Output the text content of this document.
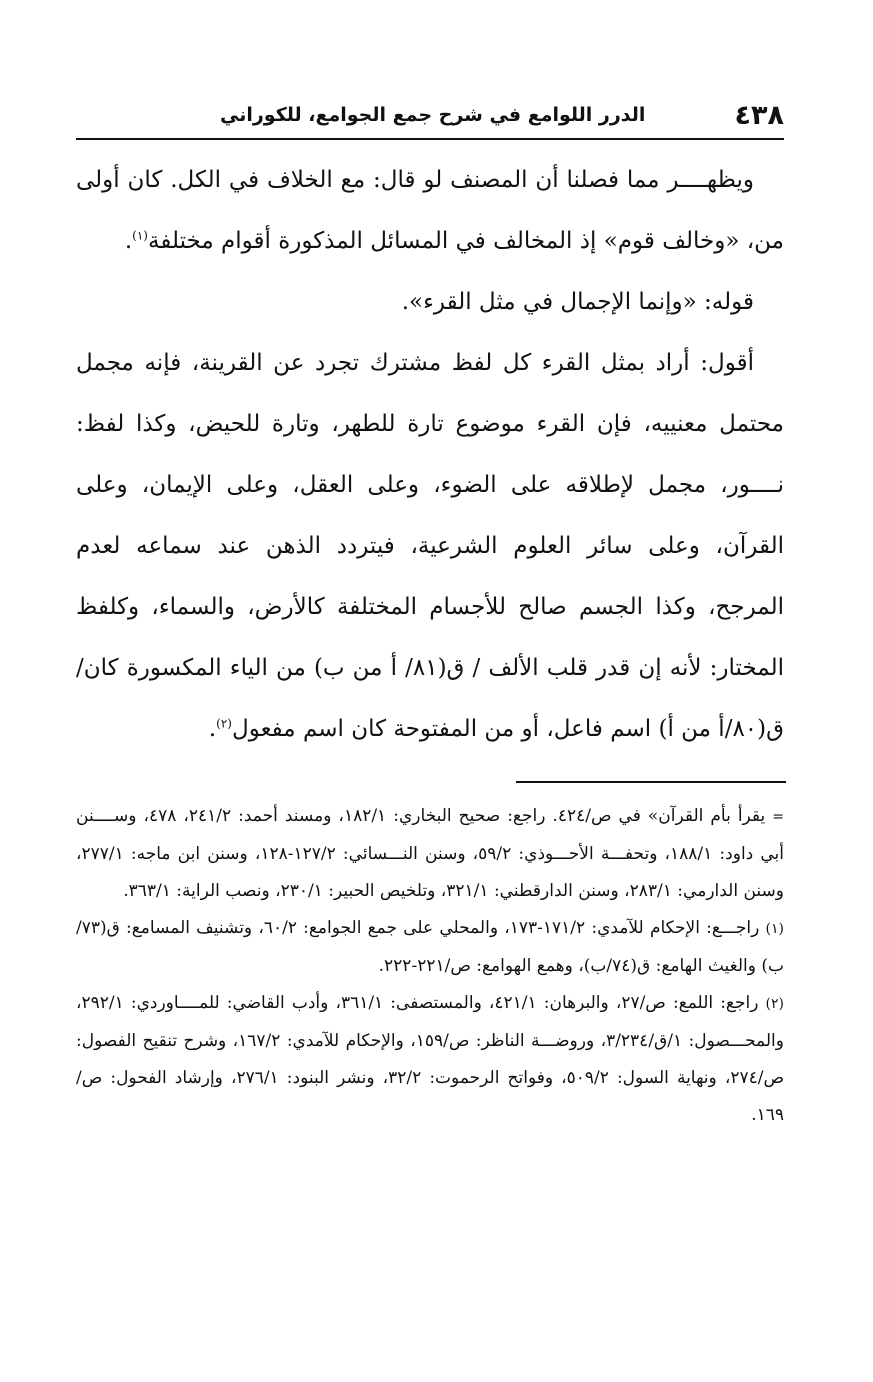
٤٣٨
الدرر اللوامع في شرح جمع الجوامع، للكوراني

ويظهــــر مما فصلنا أن المصنف لو قال: مع الخلاف في الكل. كان أولى من، «وخالف قوم» إذ المخالف في المسائل المذكورة أقوام مختلفة$^{(١)}$.

قوله: «وإنما الإجمال في مثل القرء».

أقول: أراد بمثل القرء كل لفظ مشترك تجرد عن القرينة، فإنه مجمل محتمل معنييه، فإن القرء موضوع تارة للطهر، وتارة للحيض، وكذا لفظ: نــــور، مجمل لإطلاقه على الضوء، وعلى العقل، وعلى الإيمان، وعلى القرآن، وعلى سائر العلوم الشرعية، فيتردد الذهن عند سماعه لعدم المرجح، وكذا الجسم صالح للأجسام المختلفة كالأرض، والسماء، وكلفظ المختار: لأنه إن قدر قلب الألف / ق(٨١/ أ من ب) من الياء المكسورة كان/ ق(٨٠/أ من أ) اسم فاعل، أو من المفتوحة كان اسم مفعول$^{(٢)}$.

= يقرأ بأم القرآن» في ص/٤٢٤. راجع: صحيح البخاري: ١٨٢/١، ومسند أحمد: ٢٤١/٢، ٤٧٨، وســــنن أبي داود: ١٨٨/١، وتحفـــة الأحـــوذي: ٥٩/٢، وسنن النـــسائي: ١٢٧/٢-١٢٨، وسنن ابن ماجه: ٢٧٧/١، وسنن الدارمي: ٢٨٣/١، وسنن الدارقطني: ٣٢١/١، وتلخيص الحبير: ٢٣٠/١، ونصب الراية: ٣٦٣/١.

(١) راجـــع: الإحكام للآمدي: ١٧١/٢-١٧٣، والمحلي على جمع الجوامع: ٦٠/٢، وتشنيف المسامع: ق(٧٣/ب) والغيث الهامع: ق(٧٤/ب)، وهمع الهوامع: ص/٢٢١-٢٢٢.

(٢) راجع: اللمع: ص/٢٧، والبرهان: ٤٢١/١، والمستصفى: ٣٦١/١، وأدب القاضي: للمــــاوردي: ٢٩٢/١، والمحـــصول: ١/ق/٣/٢٣٤، وروضـــة الناظر: ص/١٥٩، والإحكام للآمدي: ١٦٧/٢، وشرح تنقيح الفصول: ص/٢٧٤، ونهاية السول: ٥٠٩/٢، وفواتح الرحموت: ٣٢/٢، ونشر البنود: ٢٧٦/١، وإرشاد الفحول: ص/١٦٩.
